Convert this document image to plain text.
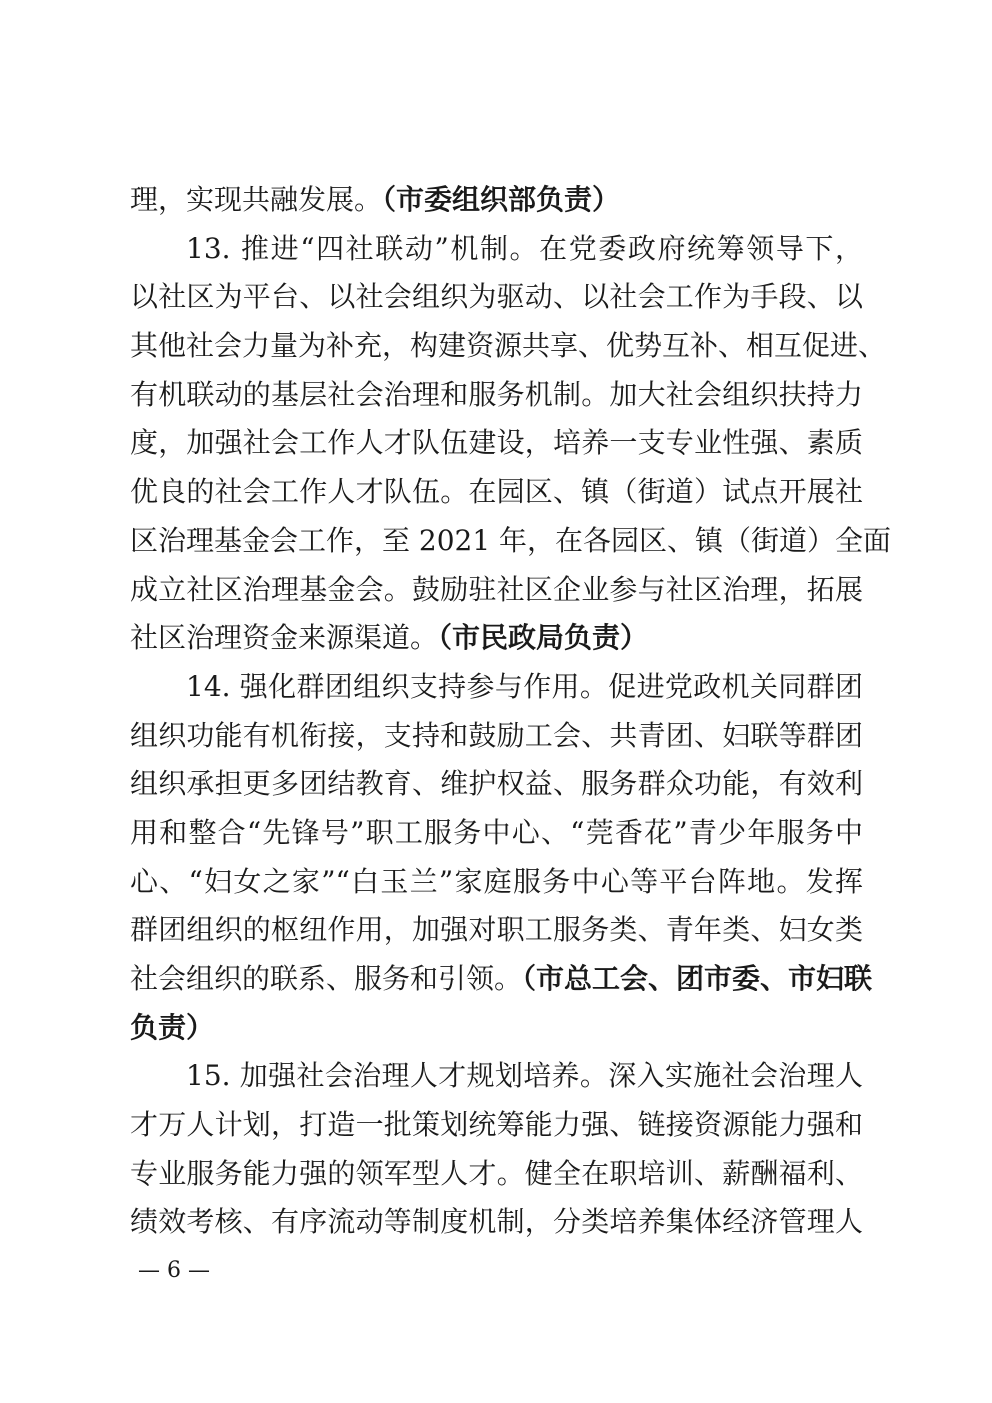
理，实现共融发展。（市委组织部负责）
13. 推进“四社联动”机制。在党委政府统筹领导下，
以社区为平台、以社会组织为驱动、以社会工作为手段、以
其他社会力量为补充，构建资源共享、优势互补、相互促进、
有机联动的基层社会治理和服务机制。加大社会组织扶持力
度，加强社会工作人才队伍建设，培养一支专业性强、素质
优良的社会工作人才队伍。在园区、镇（街道）试点开展社
区治理基金会工作，至 2021 年，在各园区、镇（街道）全面
成立社区治理基金会。鼓励驻社区企业参与社区治理，拓展
社区治理资金来源渠道。（市民政局负责）
14. 强化群团组织支持参与作用。促进党政机关同群团
组织功能有机衔接，支持和鼓励工会、共青团、妇联等群团
组织承担更多团结教育、维护权益、服务群众功能，有效利
用和整合“先锋号”职工服务中心、“莞香花”青少年服务中
心、“妇女之家”“白玉兰”家庭服务中心等平台阵地。发挥
群团组织的枢纽作用，加强对职工服务类、青年类、妇女类
社会组织的联系、服务和引领。（市总工会、团市委、市妇联
负责）
15. 加强社会治理人才规划培养。深入实施社会治理人
才万人计划，打造一批策划统筹能力强、链接资源能力强和
专业服务能力强的领军型人才。健全在职培训、薪酬福利、
绩效考核、有序流动等制度机制，分类培养集体经济管理人
— 6 —
